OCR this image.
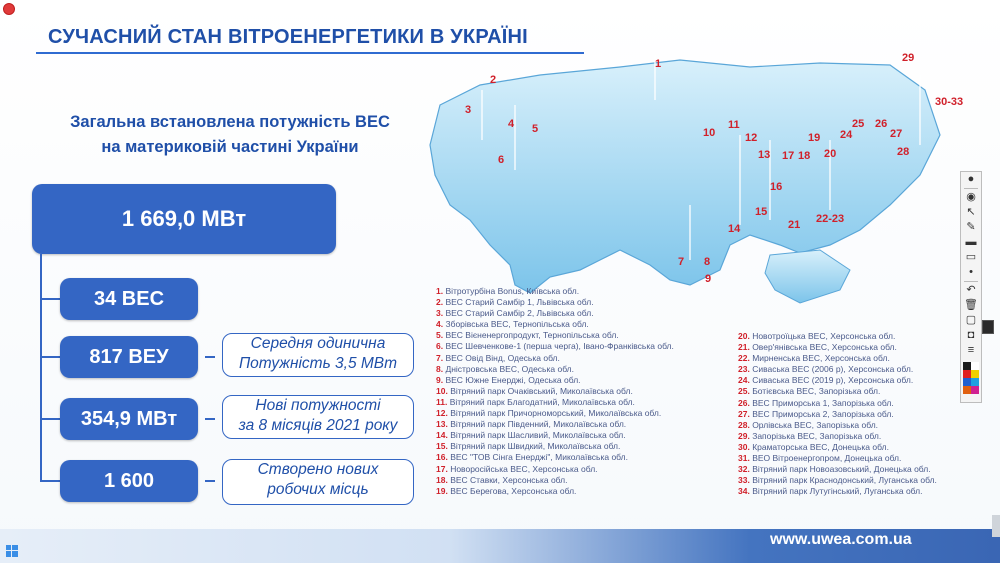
СУЧАСНИЙ СТАН ВІТРОЕНЕРГЕТИКИ В УКРАЇНІ
Загальна встановлена потужність ВЕС
на материковій частині України
1 669,0 МВт
34 ВЕС
817 ВЕУ
354,9 МВт
1 600
Середня одинична
Потужність 3,5 МВт
Нові потужності
за 8 місяців 2021 року
Створено нових
робочих місць
1
2
3
4 5
6
7 8
9
10
11
12
13
14
15
16
17 18
19
20
21 22-23
24
25 26
27
28
29
30-33
1. Вітротурбіна Bonus, Київська обл.
2. ВЕС Старий Самбір 1, Львівська обл.
3. ВЕС Старий Самбір 2, Львівська обл.
4. Зборівська ВЕС, Тернопільська обл.
5. ВЕС Вієненергопродукт, Тернопільська обл.
6. ВЕС Шевченкове-1 (перша черга), Івано-Франківська обл.
7. ВЕС Овід Вінд, Одеська обл.
8. Дністровська ВЕС, Одеська обл.
9. ВЕС Южне Енерджі, Одеська обл.
10. Вітряний парк Очаківський, Миколаївська обл.
11. Вітряний парк Благодатний, Миколаївська обл.
12. Вітряний парк Причорноморський, Миколаївська обл.
13. Вітряний парк Південний, Миколаївська обл.
14. Вітряний парк Шасливий, Миколаївська обл.
15. Вітряний парк Швидкий, Миколаївська обл.
16. ВЕС "ТОВ Сінга Енерджі", Миколаївська обл.
17. Новоросійська ВЕС, Херсонська обл.
18. ВЕС Ставки, Херсонська обл.
19. ВЕС Берегова, Херсонська обл.
20. Новотроїцька ВЕС, Херсонська обл.
21. Овер'янівська ВЕС, Херсонська обл.
22. Мирненська ВЕС, Херсонська обл.
23. Сиваська ВЕС (2006 р), Херсонська обл.
24. Сиваська ВЕС (2019 р), Херсонська обл.
25. Ботієвська ВЕС, Запорізька обл.
26. ВЕС Приморська 1, Запорізька обл.
27. ВЕС Приморська 2, Запорізька обл.
28. Орлівська ВЕС, Запорізька обл.
29. Запорізька ВЕС, Запорізька обл.
30. Краматорська ВЕС, Донецька обл.
31. ВЕО Вітроенергопром, Донецька обл.
32. Вітряний парк Новоазовський, Донецька обл.
33. Вітряний парк Краснодонський, Луганська обл.
34. Вітряний парк Лутугінський, Луганська обл.
www.uwea.com.ua
●
◉
↖
✎
▬
▭
•
↶
🗑
▢
◘
≡
